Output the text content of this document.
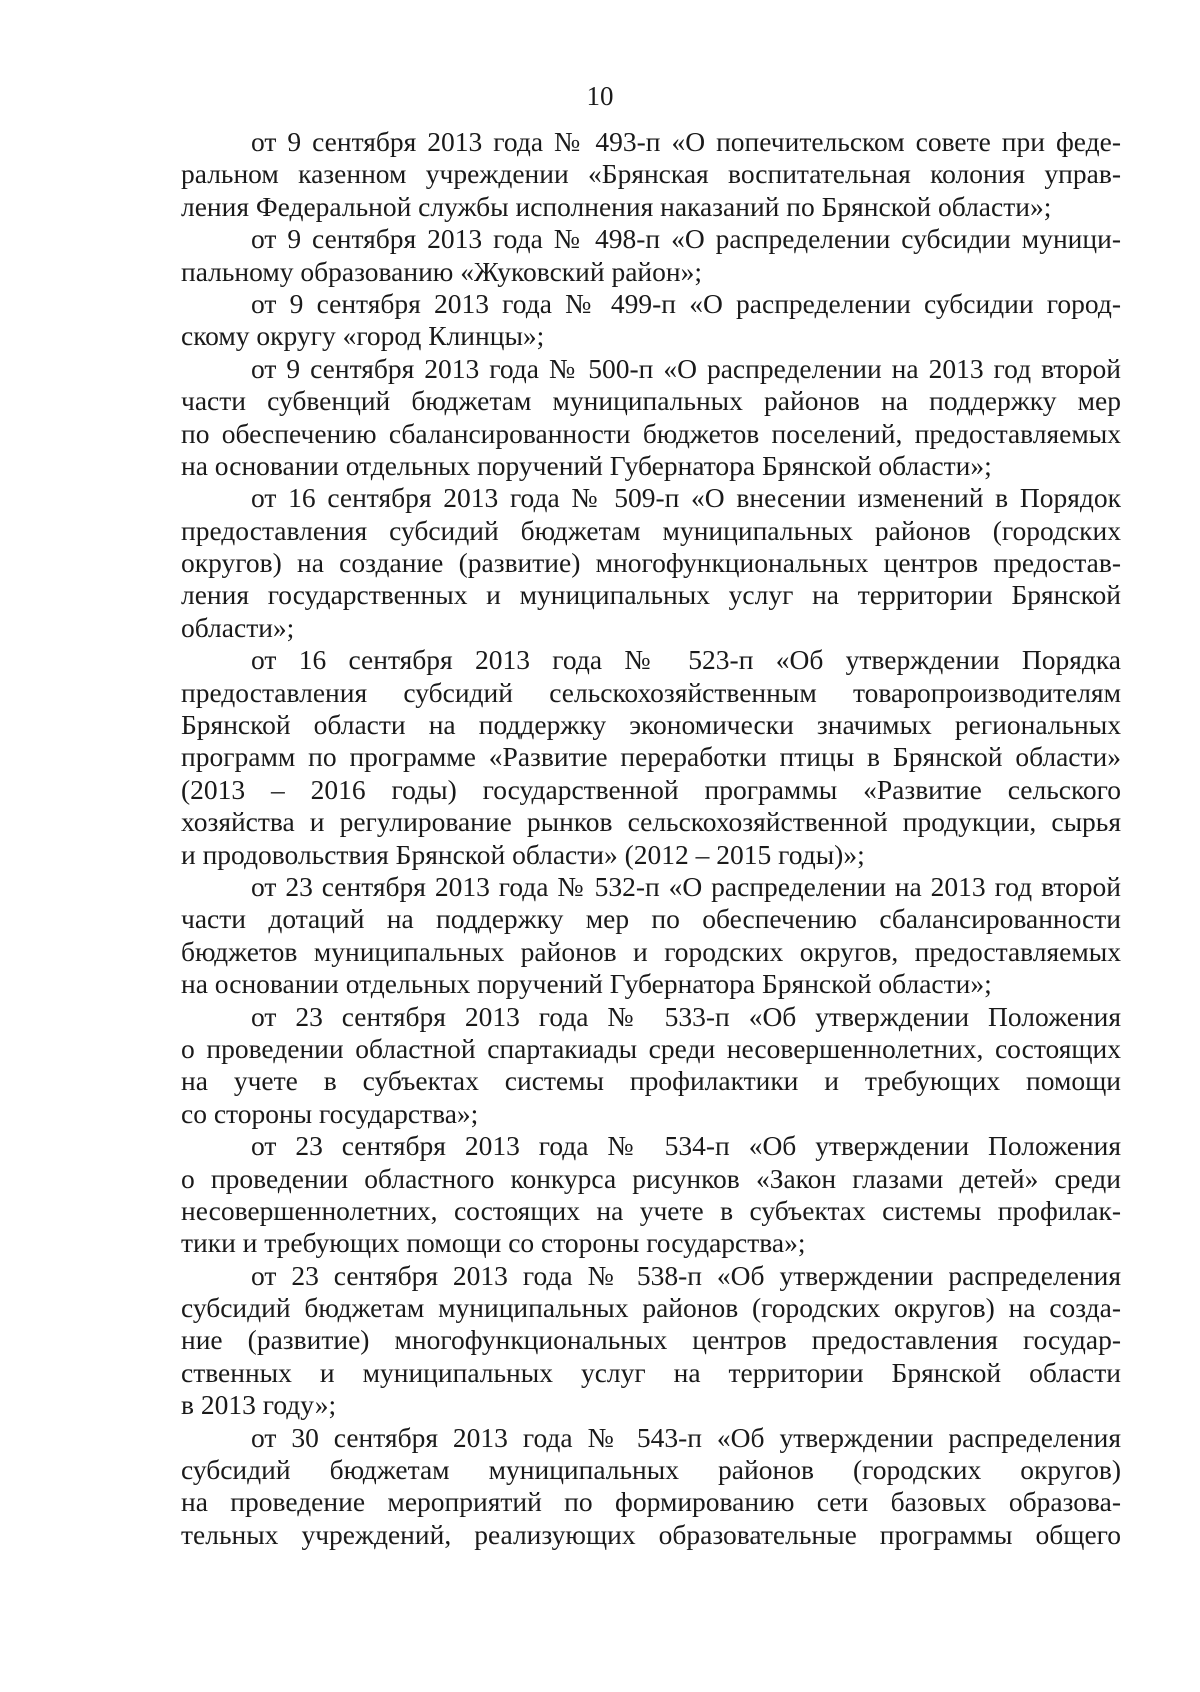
10
от 9 сентября 2013 года № 493-п «О попечительском совете при феде-
ральном казенном учреждении «Брянская воспитательная колония управ-
ления Федеральной службы исполнения наказаний по Брянской области»;
от 9 сентября 2013 года № 498-п «О распределении субсидии муници-
пальному образованию «Жуковский район»;
от 9 сентября 2013 года № 499-п «О распределении субсидии город-
скому округу «город Клинцы»;
от 9 сентября 2013 года № 500-п «О распределении на 2013 год второй
части субвенций бюджетам муниципальных районов на поддержку мер
по обеспечению сбалансированности бюджетов поселений, предоставляемых
на основании отдельных поручений Губернатора Брянской области»;
от 16 сентября 2013 года № 509-п «О внесении изменений в Порядок
предоставления субсидий бюджетам муниципальных районов (городских
округов) на создание (развитие) многофункциональных центров предостав-
ления государственных и муниципальных услуг на территории Брянской
области»;
от 16 сентября 2013 года № 523-п «Об утверждении Порядка
предоставления субсидий сельскохозяйственным товаропроизводителям
Брянской области на поддержку экономически значимых региональных
программ по программе «Развитие переработки птицы в Брянской области»
(2013 – 2016 годы) государственной программы «Развитие сельского
хозяйства и регулирование рынков сельскохозяйственной продукции, сырья
и продовольствия Брянской области» (2012 – 2015 годы)»;
от 23 сентября 2013 года № 532-п «О распределении на 2013 год второй
части дотаций на поддержку мер по обеспечению сбалансированности
бюджетов муниципальных районов и городских округов, предоставляемых
на основании отдельных поручений Губернатора Брянской области»;
от 23 сентября 2013 года № 533-п «Об утверждении Положения
о проведении областной спартакиады среди несовершеннолетних, состоящих
на учете в субъектах системы профилактики и требующих помощи
со стороны государства»;
от 23 сентября 2013 года № 534-п «Об утверждении Положения
о проведении областного конкурса рисунков «Закон глазами детей» среди
несовершеннолетних, состоящих на учете в субъектах системы профилак-
тики и требующих помощи со стороны государства»;
от 23 сентября 2013 года № 538-п «Об утверждении распределения
субсидий бюджетам муниципальных районов (городских округов) на созда-
ние (развитие) многофункциональных центров предоставления государ-
ственных и муниципальных услуг на территории Брянской области
в 2013 году»;
от 30 сентября 2013 года № 543-п «Об утверждении распределения
субсидий бюджетам муниципальных районов (городских округов)
на проведение мероприятий по формированию сети базовых образова-
тельных учреждений, реализующих образовательные программы общего
